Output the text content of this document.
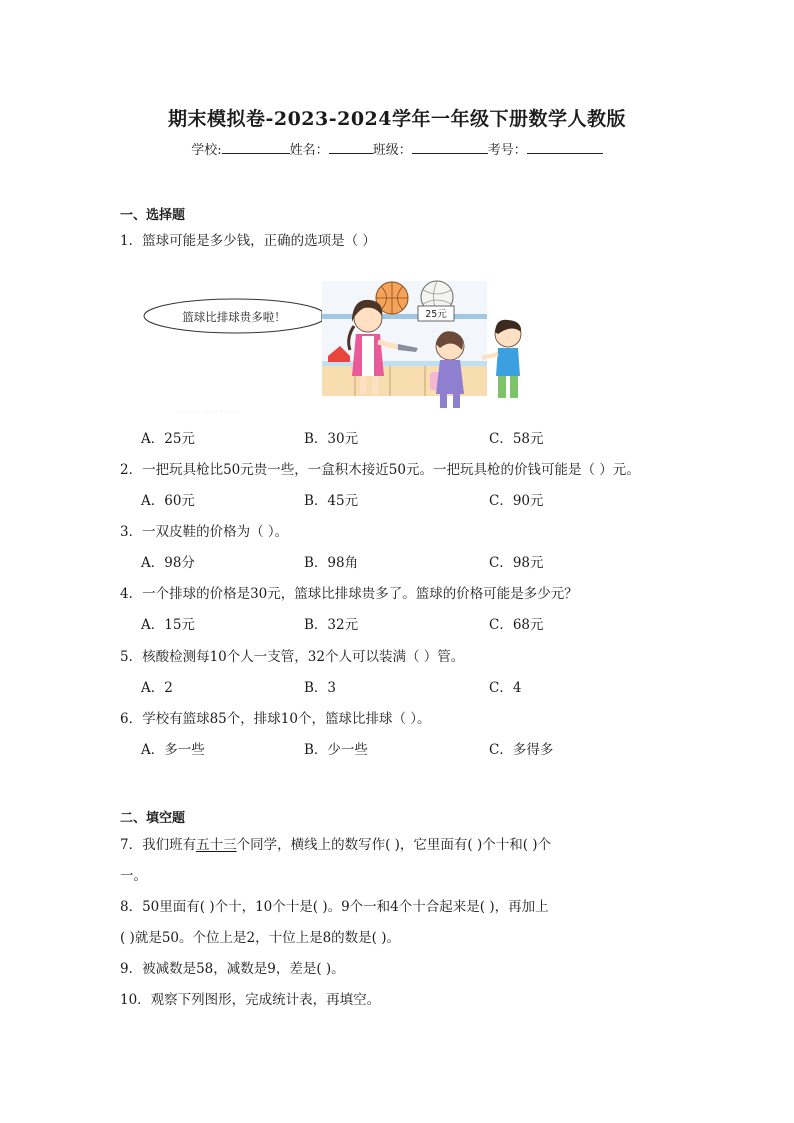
期末模拟卷-2023-2024学年一年级下册数学人教版
学校:	姓名：	班级：	考号：
一、选择题
1．篮球可能是多少钱，正确的选项是（ ）
篮球比排球贵多啦！	25元
· · · · · · · · · · · · ·
A．25元	B．30元	C．58元
2．一把玩具枪比50元贵一些，一盒积木接近50元。一把玩具枪的价钱可能是（ ）元。
A．60元	B．45元	C．90元
3．一双皮鞋的价格为（ ）。
A．98分	B．98角	C．98元
4．一个排球的价格是30元，篮球比排球贵多了。篮球的价格可能是多少元？
A．15元	B．32元	C．68元
5．核酸检测每10个人一支管，32个人可以装满（ ）管。
A．2	B．3	C．4
6．学校有篮球85个，排球10个，篮球比排球（ ）。
A．多一些	B．少一些	C．多得多
二、填空题
7．我们班有五十三个同学，横线上的数写作( )，它里面有( )个十和( )个
一。
8．50里面有( )个十，10个十是( )。9个一和4个十合起来是( )，再加上
( )就是50。个位上是2，十位上是8的数是( )。
9．被减数是58，减数是9，差是( )。
10．观察下列图形，完成统计表，再填空。
